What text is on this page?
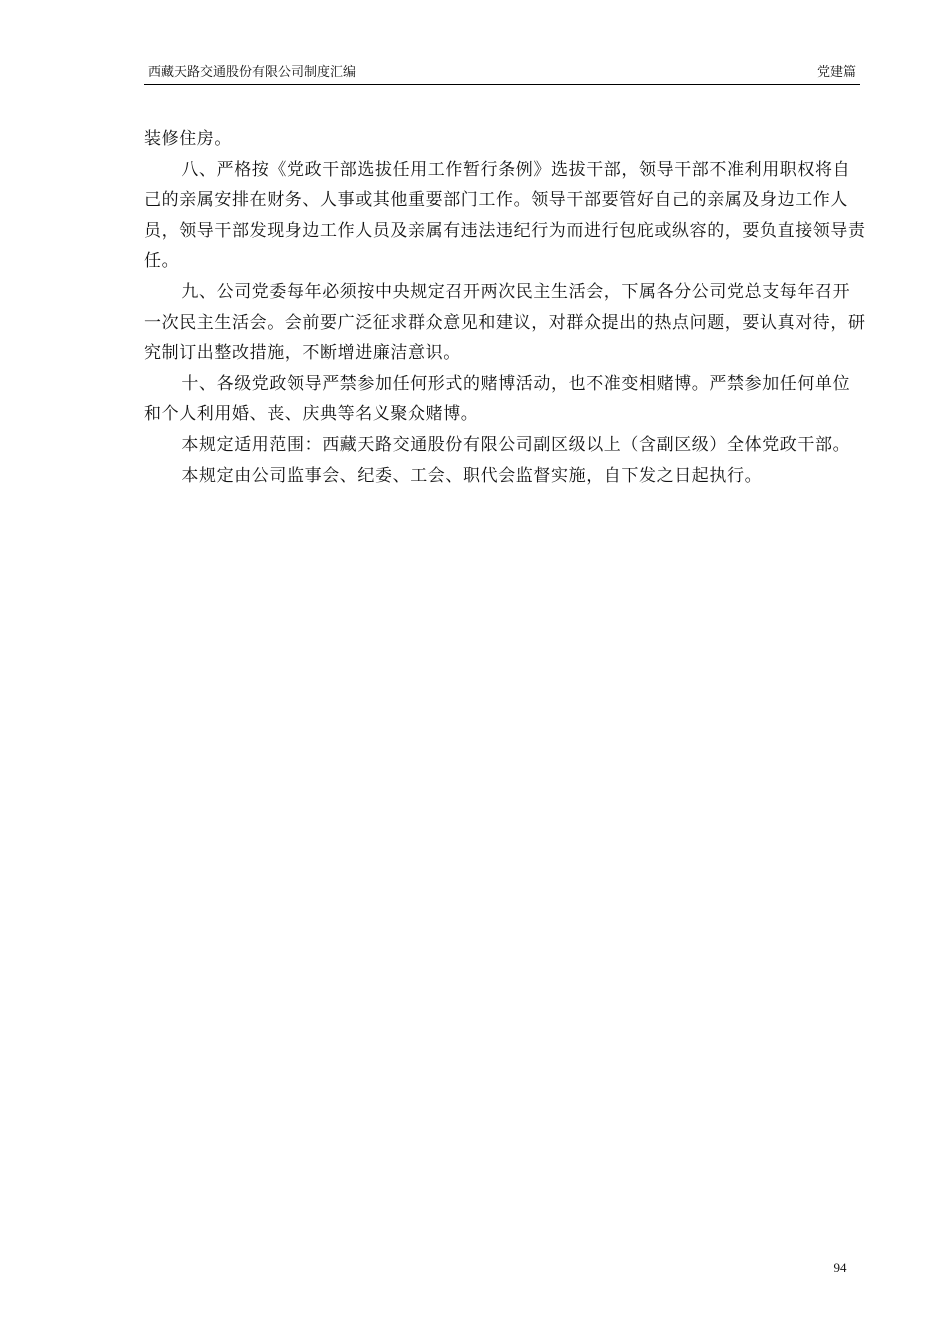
西藏天路交通股份有限公司制度汇编	党建篇

装修住房。

八、严格按《党政干部选拔任用工作暂行条例》选拔干部，领导干部不准利用职权将自己的亲属安排在财务、人事或其他重要部门工作。领导干部要管好自己的亲属及身边工作人员，领导干部发现身边工作人员及亲属有违法违纪行为而进行包庇或纵容的，要负直接领导责任。

九、公司党委每年必须按中央规定召开两次民主生活会，下属各分公司党总支每年召开一次民主生活会。会前要广泛征求群众意见和建议，对群众提出的热点问题，要认真对待，研究制订出整改措施，不断增进廉洁意识。

十、各级党政领导严禁参加任何形式的赌博活动，也不准变相赌博。严禁参加任何单位和个人利用婚、丧、庆典等名义聚众赌博。

本规定适用范围：西藏天路交通股份有限公司副区级以上（含副区级）全体党政干部。

本规定由公司监事会、纪委、工会、职代会监督实施，自下发之日起执行。

94
